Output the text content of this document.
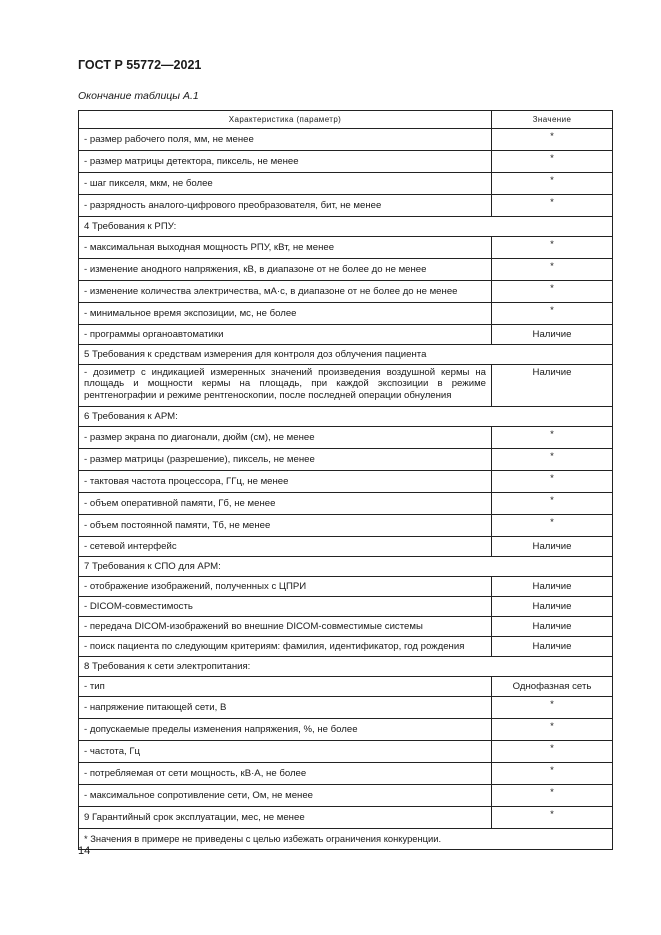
ГОСТ Р 55772—2021
Окончание таблицы А.1
Характеристика (параметр)	Значение
- размер рабочего поля, мм, не менее	*
- размер матрицы детектора, пиксель, не менее	*
- шаг пикселя, мкм, не более	*
- разрядность аналого-цифрового преобразователя, бит, не менее	*
4 Требования к РПУ:	
- максимальная выходная мощность РПУ, кВт, не менее	*
- изменение анодного напряжения, кВ, в диапазоне от не более до не менее	*
- изменение количества электричества, мА·с, в диапазоне от не более до не менее	*
- минимальное время экспозиции, мс, не более	*
- программы органоавтоматики	Наличие
5 Требования к средствам измерения для контроля доз облучения пациента	
- дозиметр с индикацией измеренных значений произведения воздушной кермы на площадь и мощности кермы на площадь, при каждой экспозиции в режиме рентгенографии и режиме рентгеноскопии, после последней операции обнуления	Наличие
6 Требования к АРМ:	
- размер экрана по диагонали, дюйм (см), не менее	*
- размер матрицы (разрешение), пиксель, не менее	*
- тактовая частота процессора, ГГц, не менее	*
- объем оперативной памяти, Гб, не менее	*
- объем постоянной памяти, Тб, не менее	*
- сетевой интерфейс	Наличие
7 Требования к СПО для АРМ:	
- отображение изображений, полученных с ЦПРИ	Наличие
- DICOM-совместимость	Наличие
- передача DICOM-изображений во внешние DICOM-совместимые системы	Наличие
- поиск пациента по следующим критериям: фамилия, идентификатор, год рождения	Наличие
8 Требования к сети электропитания:	
- тип	Однофазная сеть
- напряжение питающей сети, В	*
- допускаемые пределы изменения напряжения, %, не более	*
- частота, Гц	*
- потребляемая от сети мощность, кВ·А, не более	*
- максимальное сопротивление сети, Ом, не менее	*
9 Гарантийный срок эксплуатации, мес, не менее	*
* Значения в примере не приведены с целью избежать ограничения конкуренции.	
14
